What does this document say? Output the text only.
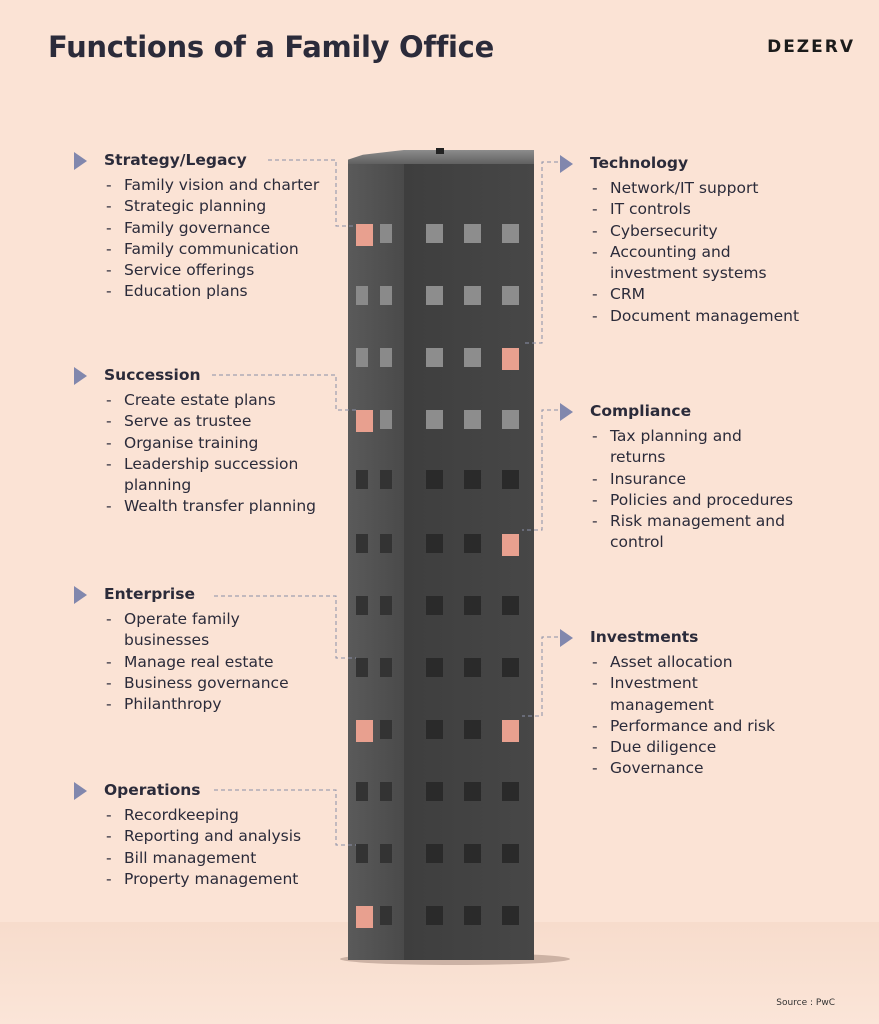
Functions of a Family Office	DEZERV
Strategy/Legacy
- Family vision and charter
- Strategic planning
- Family governance
- Family communication
- Service offerings
- Education plans
Succession
- Create estate plans
- Serve as trustee
- Organise training
- Leadership succession
planning
- Wealth transfer planning
Enterprise
- Operate family
businesses
- Manage real estate
- Business governance
- Philanthropy
Operations
- Recordkeeping
- Reporting and analysis
- Bill management
- Property management
Technology
- Network/IT support
- IT controls
- Cybersecurity
- Accounting and
investment systems
- CRM
- Document management
Compliance
- Tax planning and
returns
- Insurance
- Policies and procedures
- Risk management and
control
Investments
- Asset allocation
- Investment
management
- Performance and risk
- Due diligence
- Governance
Source : PwC
